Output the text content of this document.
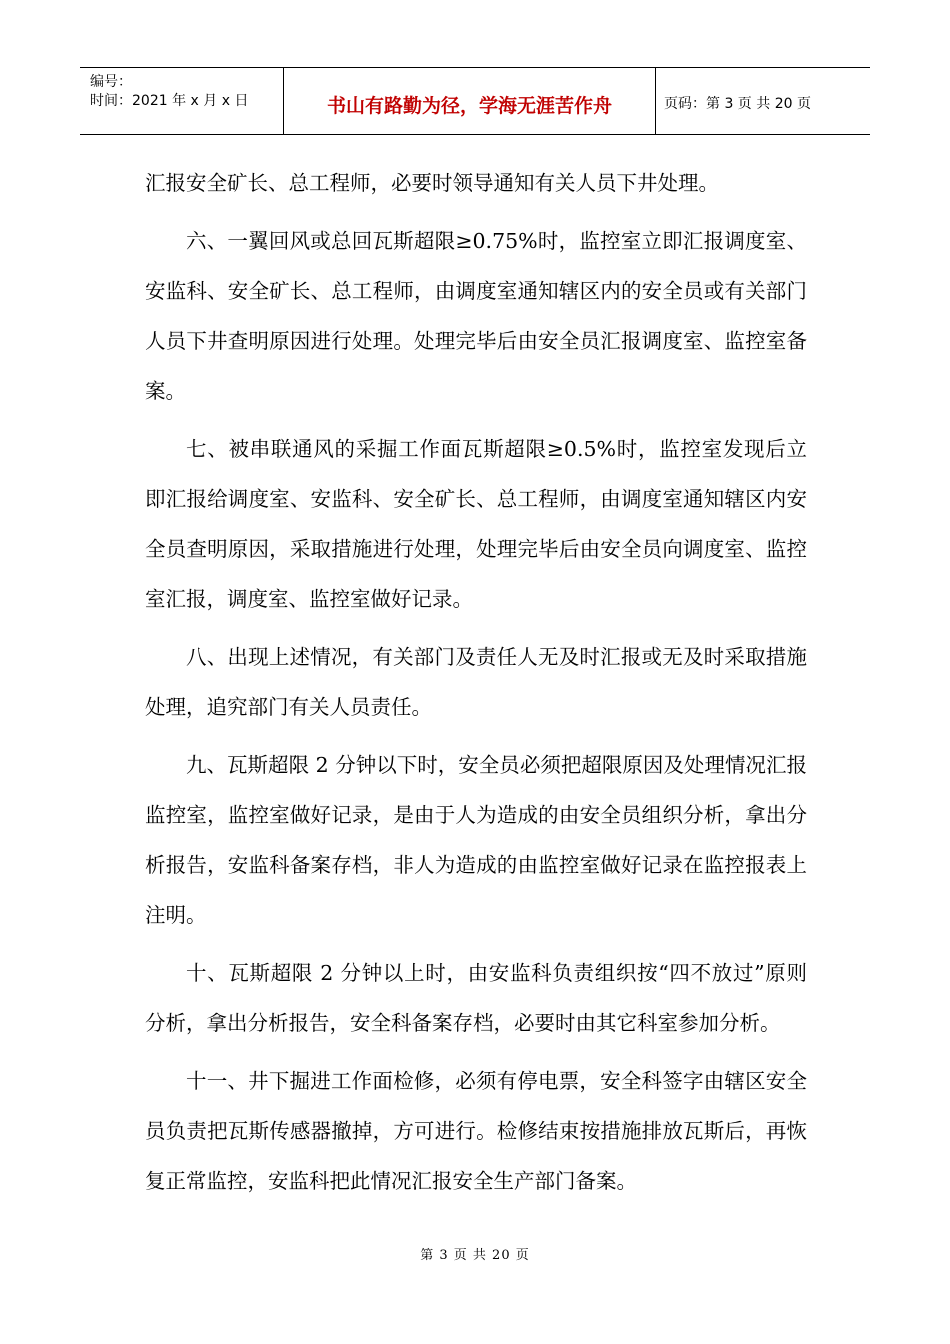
编号：
时间：2021 年 x 月 x 日	书山有路勤为径，学海无涯苦作舟	页码：第 3 页 共 20 页

汇报安全矿长、总工程师，必要时领导通知有关人员下井处理。

六、一翼回风或总回瓦斯超限≥0.75%时，监控室立即汇报调度室、安监科、安全矿长、总工程师，由调度室通知辖区内的安全员或有关部门人员下井查明原因进行处理。处理完毕后由安全员汇报调度室、监控室备案。

七、被串联通风的采掘工作面瓦斯超限≥0.5%时，监控室发现后立即汇报给调度室、安监科、安全矿长、总工程师，由调度室通知辖区内安全员查明原因，采取措施进行处理，处理完毕后由安全员向调度室、监控室汇报，调度室、监控室做好记录。

八、出现上述情况，有关部门及责任人无及时汇报或无及时采取措施处理，追究部门有关人员责任。

九、瓦斯超限 2 分钟以下时，安全员必须把超限原因及处理情况汇报监控室，监控室做好记录，是由于人为造成的由安全员组织分析，拿出分析报告，安监科备案存档，非人为造成的由监控室做好记录在监控报表上注明。

十、瓦斯超限 2 分钟以上时，由安监科负责组织按“四不放过”原则分析，拿出分析报告，安全科备案存档，必要时由其它科室参加分析。

十一、井下掘进工作面检修，必须有停电票，安全科签字由辖区安全员负责把瓦斯传感器撤掉，方可进行。检修结束按措施排放瓦斯后，再恢复正常监控，安监科把此情况汇报安全生产部门备案。

第 3 页 共 20 页
